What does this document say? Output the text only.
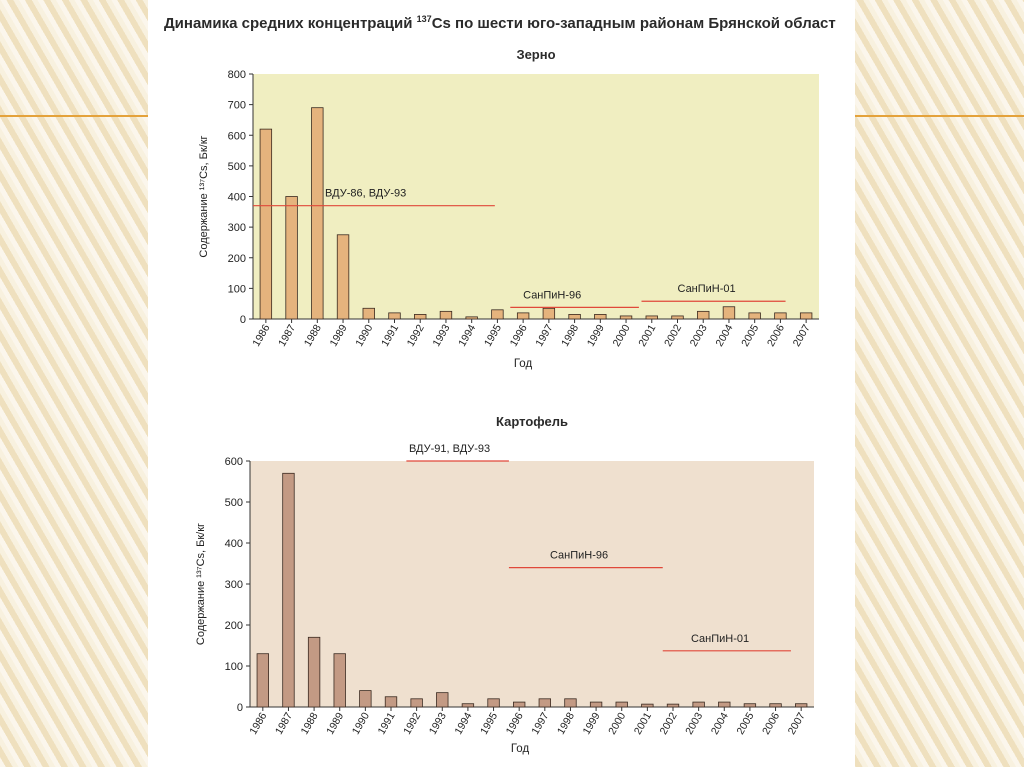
Динамика средних концентраций $^{137}$Cs по шести юго-западным районам Брянской област
Зерно
0
100
200
300
400
500
600
700
800
1986 1987 1988 1989 1990 1991 1992 1993 1994 1995 1996 1997 1998 1999 2000 2001 2002 2003 2004 2005 2006 2007
Год
Содержание ¹³⁷Cs, Бк/кг	ВДУ-86, ВДУ-93
СанПиН-96
СанПиН-01
Картофель
0
100
200
300
400
500
600
1986 1987 1988 1989 1990 1991 1992 1993 1994 1995 1996 1997 1998 1999 2000 2001 2002 2003 2004 2005 2006 2007
Год
Содержание ¹³⁷Cs, Бк/кг
ВДУ-91, ВДУ-93
СанПиН-96
СанПиН-01
